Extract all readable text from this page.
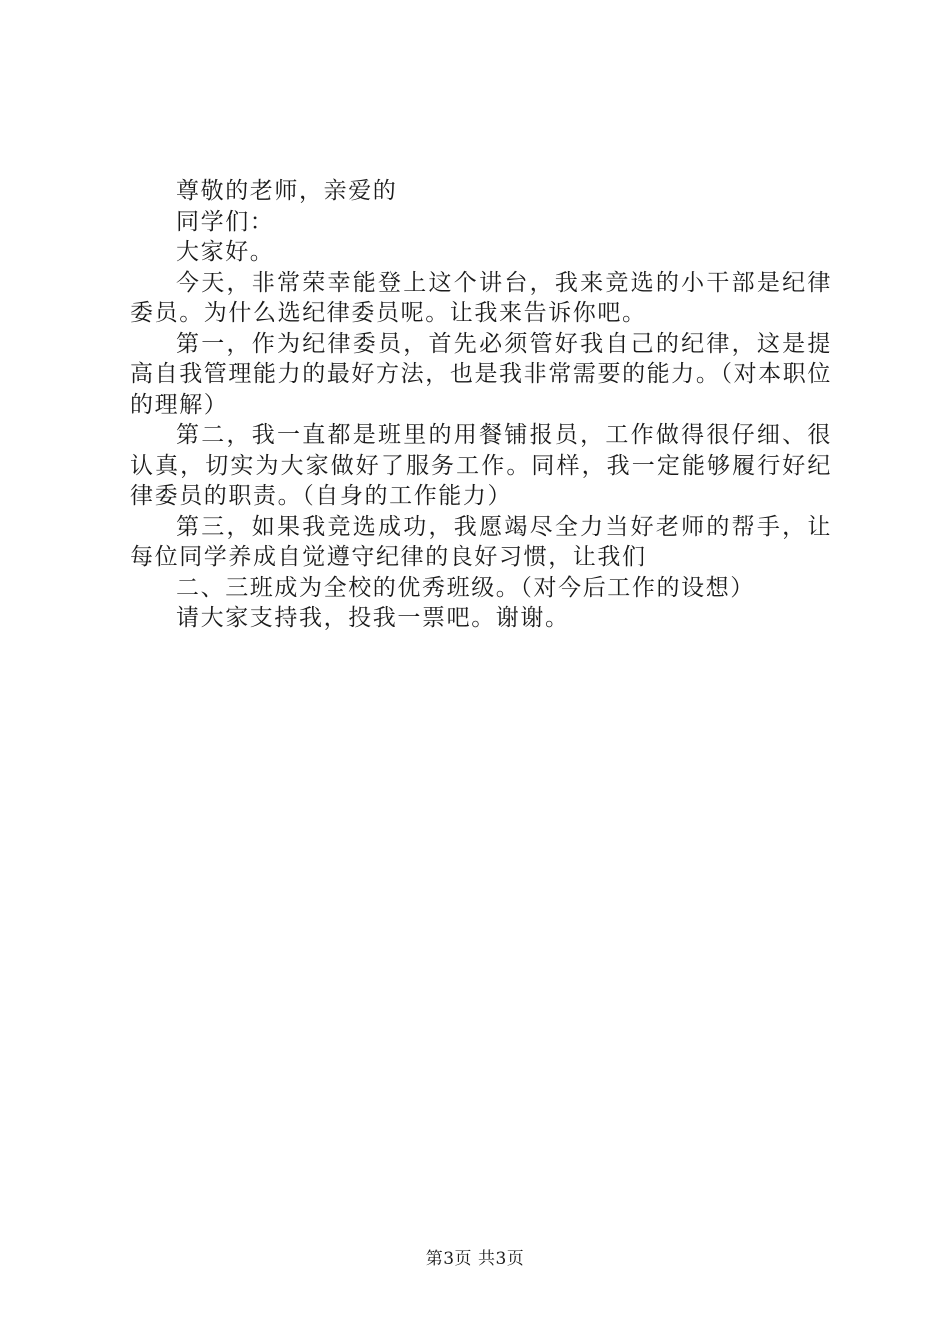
尊敬的老师，亲爱的

同学们：

大家好。

今天，非常荣幸能登上这个讲台，我来竞选的小干部是纪律委员。为什么选纪律委员呢。让我来告诉你吧。

第一，作为纪律委员，首先必须管好我自己的纪律，这是提高自我管理能力的最好方法，也是我非常需要的能力。（对本职位的理解）

第二，我一直都是班里的用餐铺报员，工作做得很仔细、很认真，切实为大家做好了服务工作。同样，我一定能够履行好纪律委员的职责。（自身的工作能力）

第三，如果我竞选成功，我愿竭尽全力当好老师的帮手，让每位同学养成自觉遵守纪律的良好习惯，让我们

二、三班成为全校的优秀班级。（对今后工作的设想）

请大家支持我，投我一票吧。谢谢。

第3页 共3页
